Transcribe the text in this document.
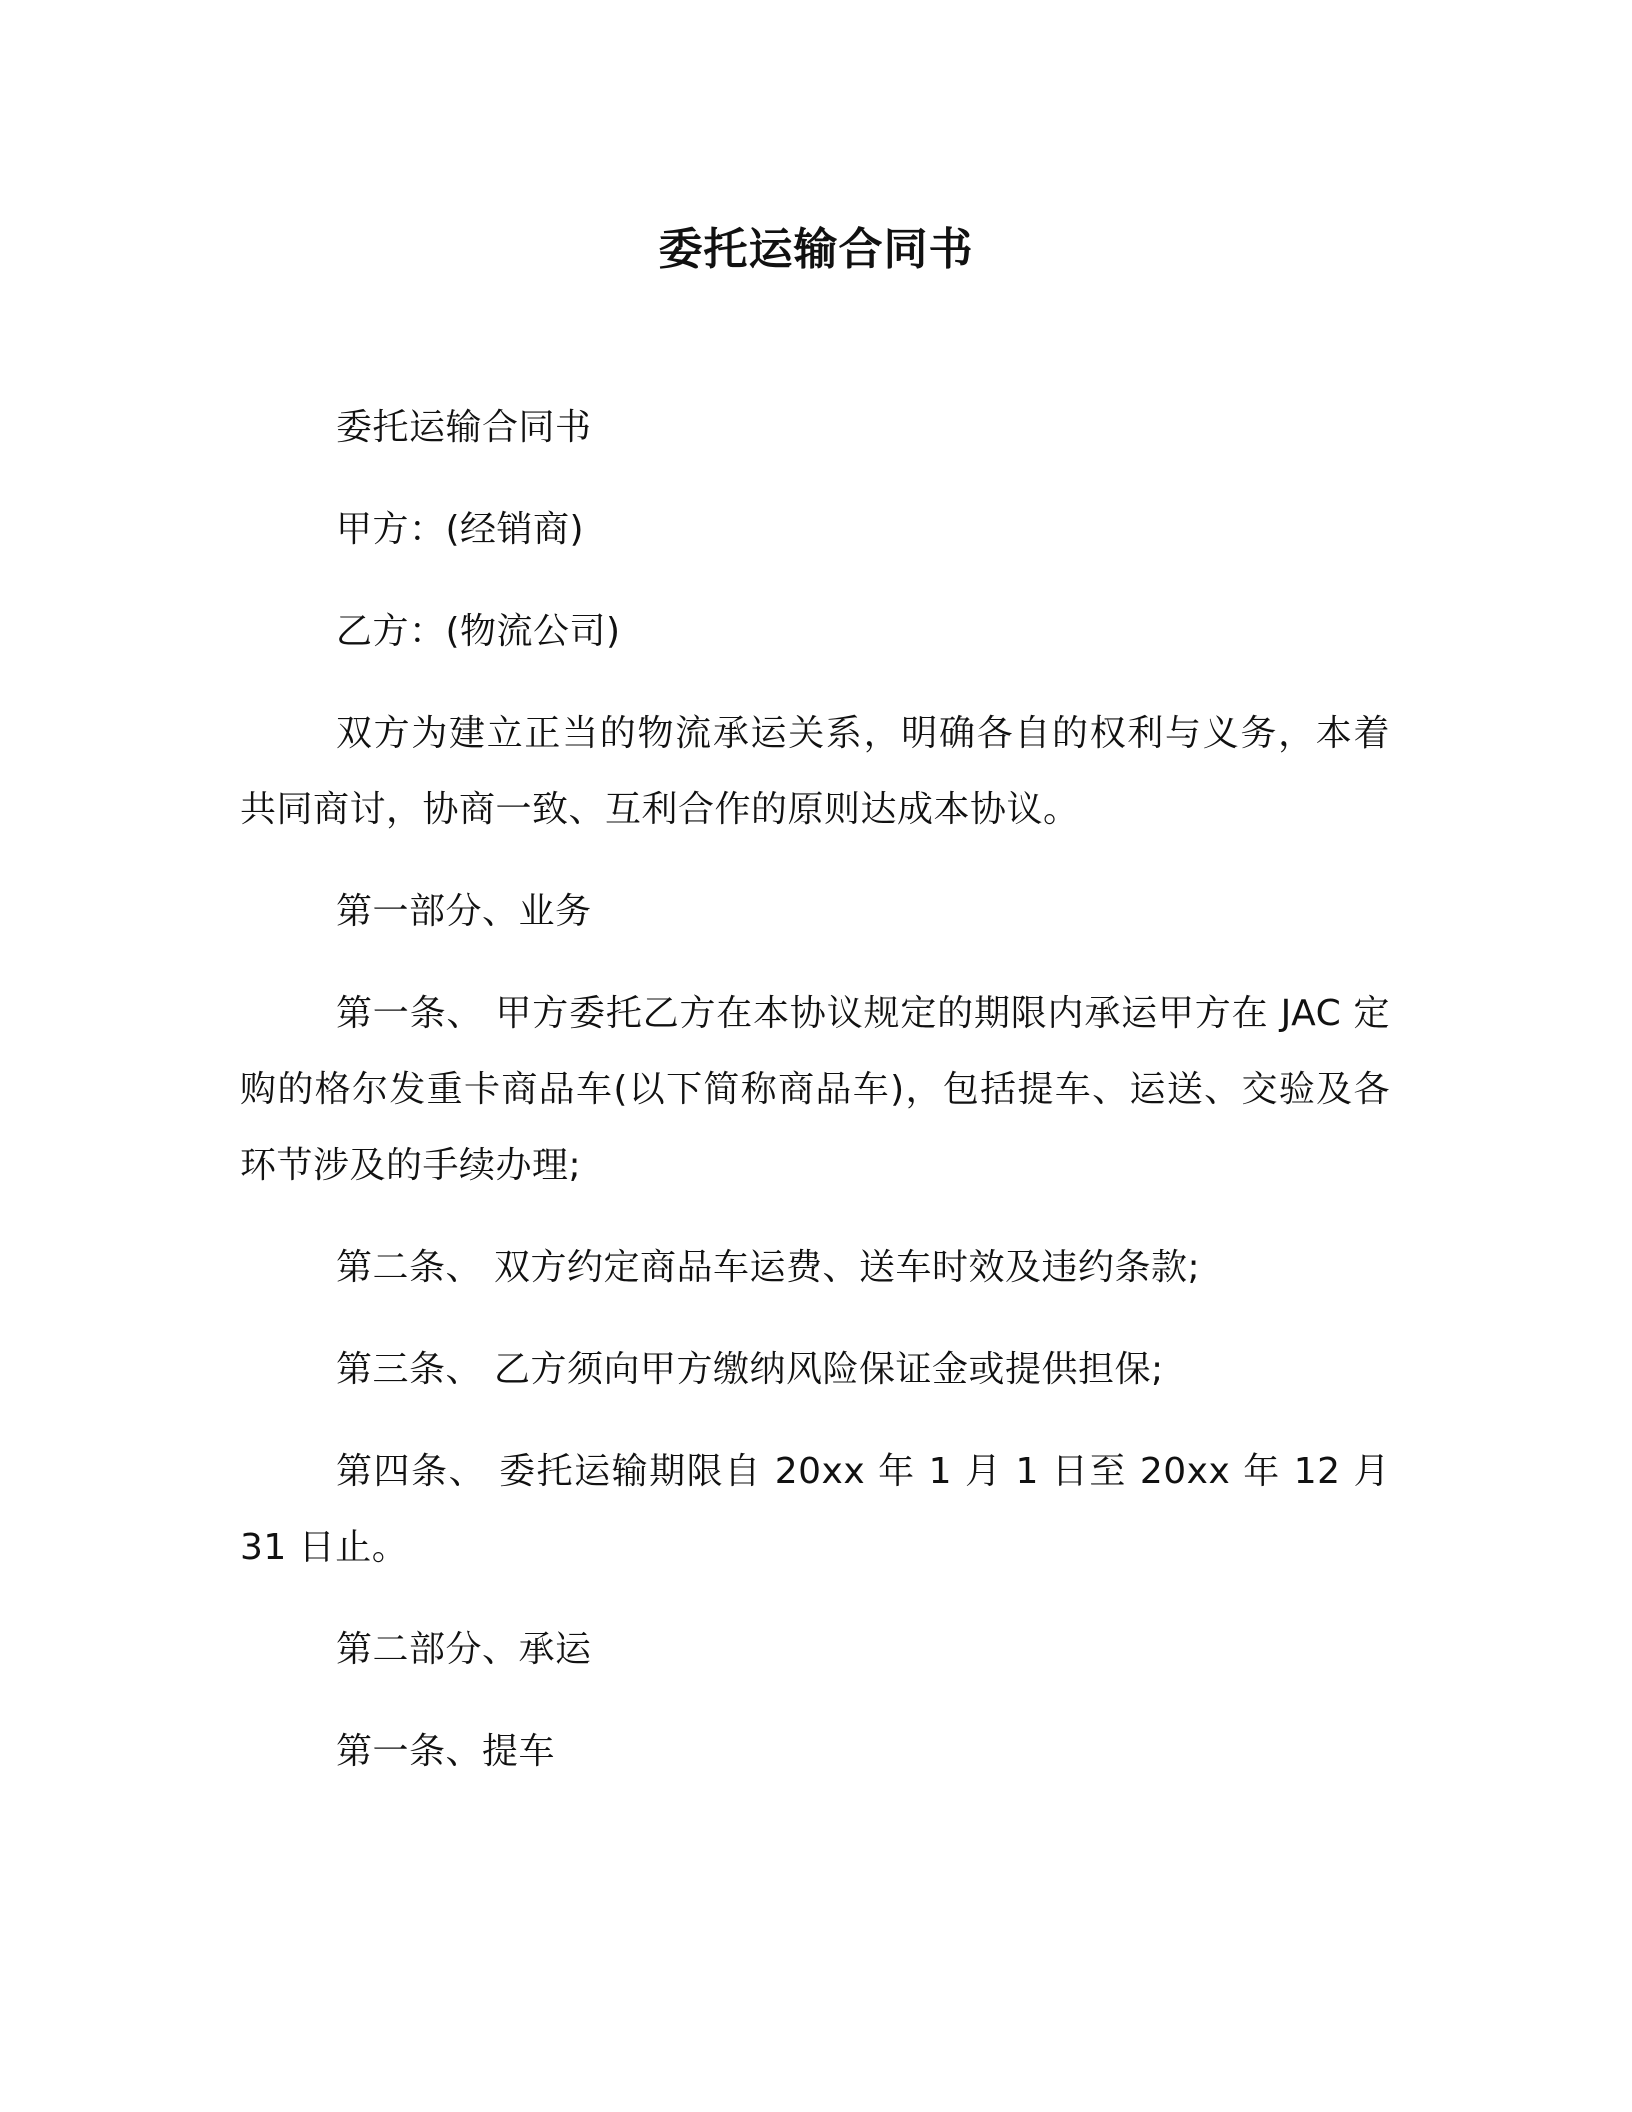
委托运输合同书

委托运输合同书

甲方：(经销商)

乙方：(物流公司)

双方为建立正当的物流承运关系，明确各自的权利与义务，本着共同商讨，协商一致、互利合作的原则达成本协议。

第一部分、业务

第一条、 甲方委托乙方在本协议规定的期限内承运甲方在 JAC 定购的格尔发重卡商品车(以下简称商品车)，包括提车、运送、交验及各环节涉及的手续办理;

第二条、 双方约定商品车运费、送车时效及违约条款;

第三条、 乙方须向甲方缴纳风险保证金或提供担保;

第四条、 委托运输期限自 20xx 年 1 月 1 日至 20xx 年 12 月 31 日止。

第二部分、承运

第一条、提车
